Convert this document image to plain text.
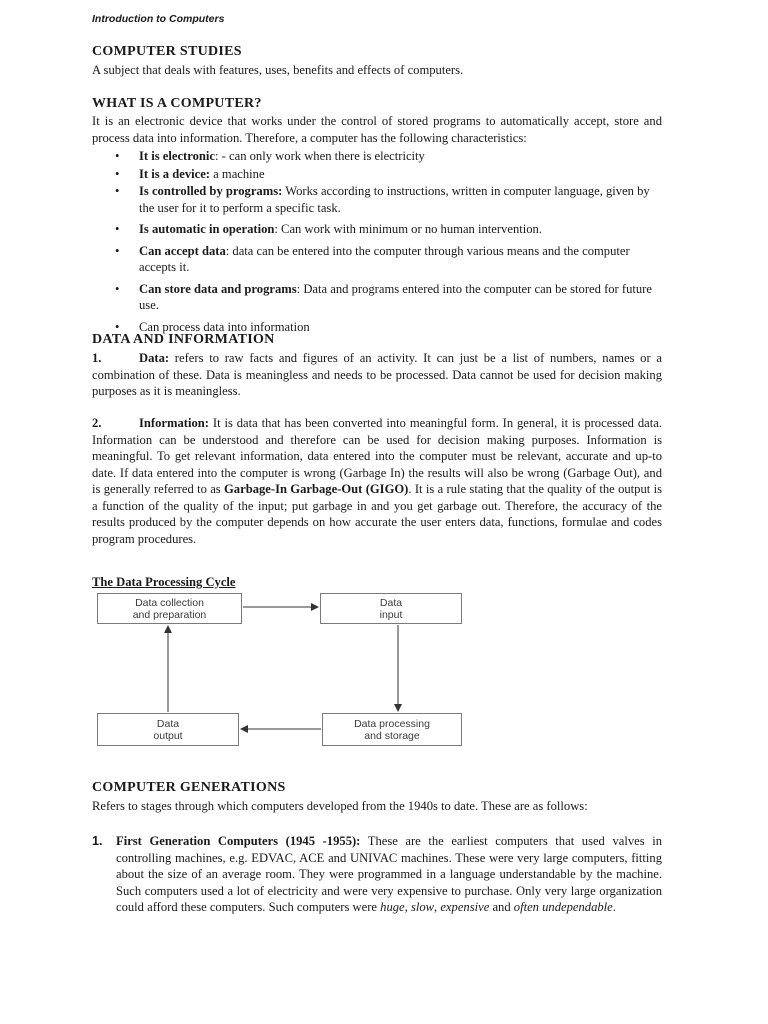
Introduction to Computers
COMPUTER STUDIES
A subject that deals with features, uses, benefits and effects of computers.
WHAT IS A COMPUTER?
It is an electronic device that works under the control of stored programs to automatically accept, store and process data into information. Therefore, a computer has the following characteristics:
• It is electronic: - can only work when there is electricity
• It is a device: a machine
• Is controlled by programs: Works according to instructions, written in computer language, given by the user for it to perform a specific task.
• Is automatic in operation: Can work with minimum or no human intervention.
• Can accept data: data can be entered into the computer through various means and the computer accepts it.
• Can store data and programs: Data and programs entered into the computer can be stored for future use.
• Can process data into information
DATA AND INFORMATION
1.	Data: refers to raw facts and figures of an activity. It can just be a list of numbers, names or a combination of these. Data is meaningless and needs to be processed. Data cannot be used for decision making purposes as it is meaningless.
2.	Information: It is data that has been converted into meaningful form. In general, it is processed data. Information can be understood and therefore can be used for decision making purposes. Information is meaningful. To get relevant information, data entered into the computer must be relevant, accurate and up-to date. If data entered into the computer is wrong (Garbage In) the results will also be wrong (Garbage Out), and is generally referred to as Garbage-In Garbage-Out (GIGO). It is a rule stating that the quality of the output is a function of the quality of the input; put garbage in and you get garbage out. Therefore, the accuracy of the results produced by the computer depends on how accurate the user enters data, functions, formulae and codes program procedures.
The Data Processing Cycle
Data collection
and preparation
Data
input
Data processing
and storage
Data
output
COMPUTER GENERATIONS
Refers to stages through which computers developed from the 1940s to date. These are as follows:
1. First Generation Computers (1945 -1955): These are the earliest computers that used valves in controlling machines, e.g. EDVAC, ACE and UNIVAC machines. These were very large computers, fitting about the size of an average room. They were programmed in a language understandable by the machine. Such computers used a lot of electricity and were very expensive to purchase. Only very large organization could afford these computers. Such computers were huge, slow, expensive and often undependable.
